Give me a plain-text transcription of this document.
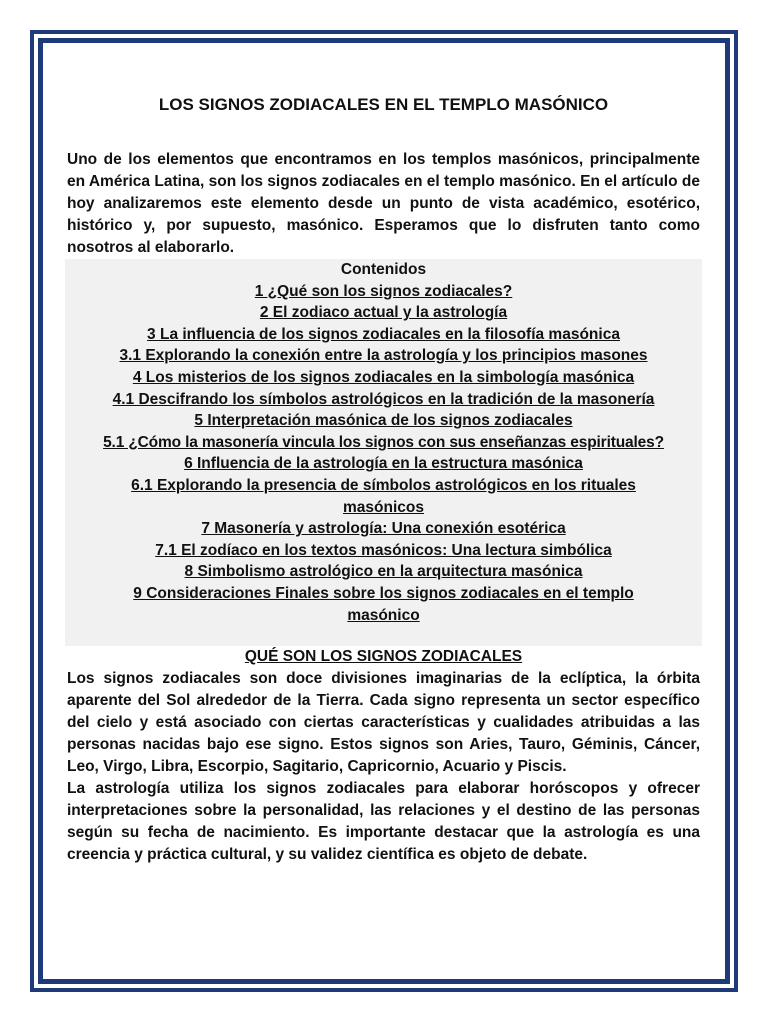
LOS SIGNOS ZODIACALES EN EL TEMPLO MASÓNICO

Uno de los elementos que encontramos en los templos masónicos, principalmente en América Latina, son los signos zodiacales en el templo masónico. En el artículo de hoy analizaremos este elemento desde un punto de vista académico, esotérico, histórico y, por supuesto, masónico. Esperamos que lo disfruten tanto como nosotros al elaborarlo.

Contenidos
1 ¿Qué son los signos zodiacales?
2 El zodiaco actual y la astrología
3 La influencia de los signos zodiacales en la filosofía masónica
3.1 Explorando la conexión entre la astrología y los principios masones
4 Los misterios de los signos zodiacales en la simbología masónica
4.1 Descifrando los símbolos astrológicos en la tradición de la masonería
5 Interpretación masónica de los signos zodiacales
5.1 ¿Cómo la masonería vincula los signos con sus enseñanzas espirituales?
6 Influencia de la astrología en la estructura masónica
6.1 Explorando la presencia de símbolos astrológicos en los rituales masónicos
7 Masonería y astrología: Una conexión esotérica
7.1 El zodíaco en los textos masónicos: Una lectura simbólica
8 Simbolismo astrológico en la arquitectura masónica
9 Consideraciones Finales sobre los signos zodiacales en el templo masónico
QUÉ SON LOS SIGNOS ZODIACALES

Los signos zodiacales son doce divisiones imaginarias de la eclíptica, la órbita aparente del Sol alrededor de la Tierra. Cada signo representa un sector específico del cielo y está asociado con ciertas características y cualidades atribuidas a las personas nacidas bajo ese signo. Estos signos son Aries, Tauro, Géminis, Cáncer, Leo, Virgo, Libra, Escorpio, Sagitario, Capricornio, Acuario y Piscis.

La astrología utiliza los signos zodiacales para elaborar horóscopos y ofrecer interpretaciones sobre la personalidad, las relaciones y el destino de las personas según su fecha de nacimiento. Es importante destacar que la astrología es una creencia y práctica cultural, y su validez científica es objeto de debate.
